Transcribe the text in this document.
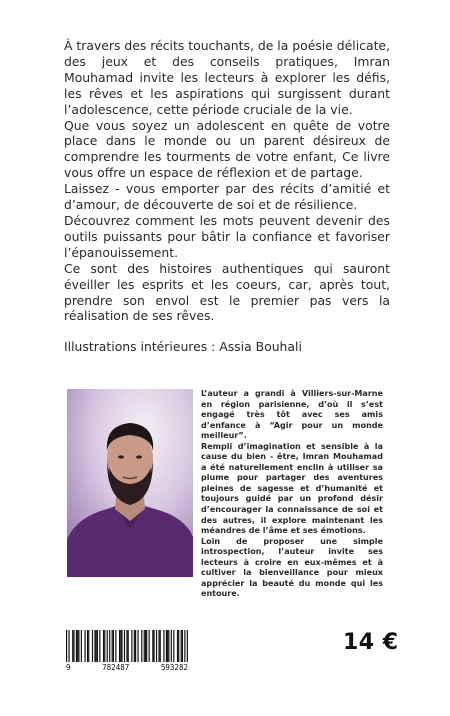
À travers des récits touchants, de la poésie délicate, des jeux et des conseils pratiques, Imran Mouhamad invite les lecteurs à explorer les défis, les rêves et les aspirations qui surgissent durant l’adolescence, cette période cruciale de la vie.

Que vous soyez un adolescent en quête de votre place dans le monde ou un parent désireux de comprendre les tourments de votre enfant, Ce livre vous offre un espace de réflexion et de partage.

Laissez - vous emporter par des récits d’amitié et d’amour, de découverte de soi et de résilience.

Découvrez comment les mots peuvent devenir des outils puissants pour bâtir la confiance et favoriser l’épanouissement.

Ce sont des histoires authentiques qui sauront éveiller les esprits et les coeurs, car, après tout, prendre son envol est le premier pas vers la réalisation de ses rêves.

Illustrations intérieures : Assia Bouhali

L’auteur a grandi à Villiers-sur-Marne en région parisienne, d’où il s’est engagé très tôt avec ses amis d’enfance à “Agir pour un monde meilleur”.

Rempli d’imagination et sensible à la cause du bien - être, Imran Mouhamad a été naturellement enclin à utiliser sa plume pour partager des aventures pleines de sagesse et d’humanité et toujours guidé par un profond désir d’encourager la connaissance de soi et des autres, il explore maintenant les méandres de l’âme et ses émotions.

Loin de proposer une simple introspection, l’auteur invite ses lecteurs à croire en eux-mêmes et à cultiver la bienveillance pour mieux apprécier la beauté du monde qui les entoure.

9	782487	593282
14 €
